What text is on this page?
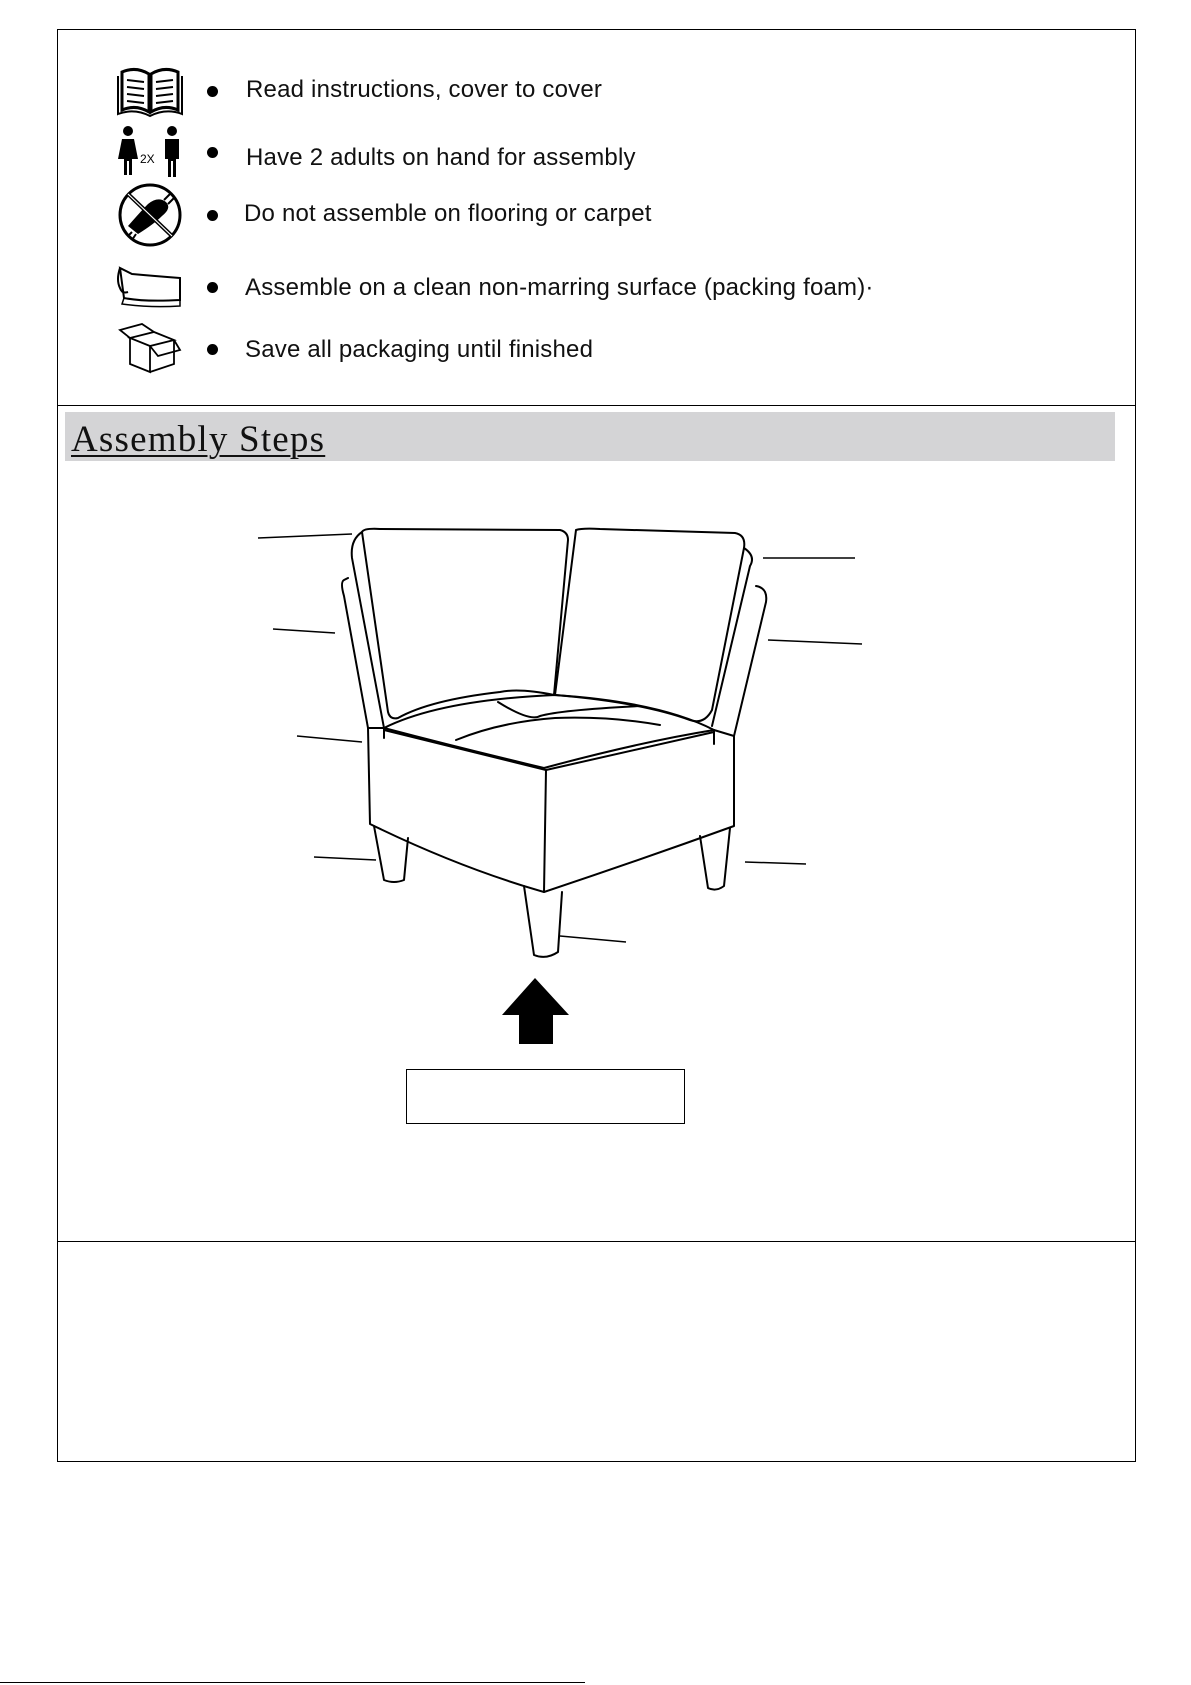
Read instructions, cover to cover
2X	Have 2 adults on hand for assembly
Do not assemble on flooring or carpet
Assemble on a clean non-marring surface (packing foam)·
Save all packaging until finished
Assembly Steps
